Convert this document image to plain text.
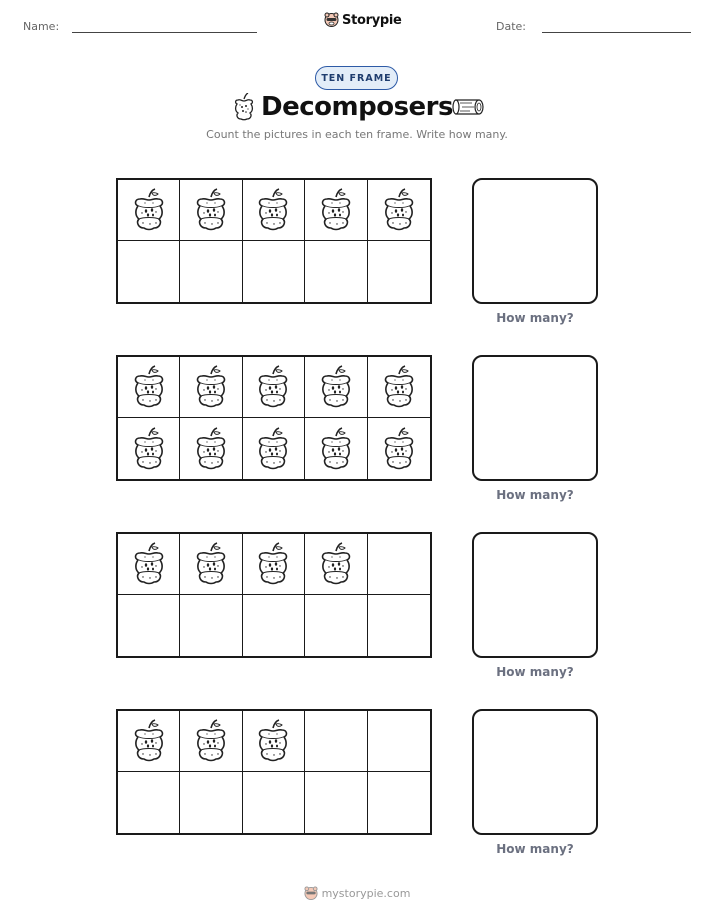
Name:	Storypie	Date:
TEN FRAME
Decomposers
Count the pictures in each ten frame. Write how many.
How many?
How many?
How many?
How many?
mystorypie.com
